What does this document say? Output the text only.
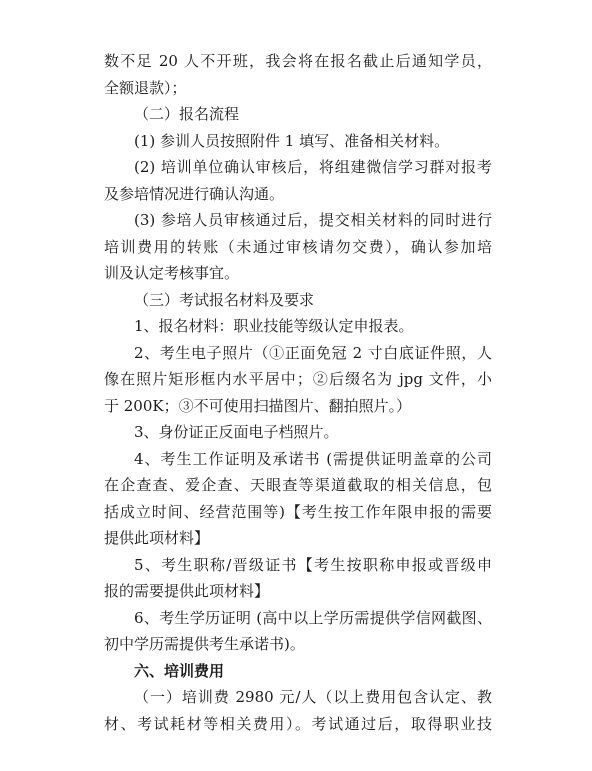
数不足 20 人不开班，我会将在报名截止后通知学员，
全额退款）；
（二）报名流程
(1) 参训人员按照附件 1 填写、准备相关材料。
(2) 培训单位确认审核后，将组建微信学习群对报考
及参培情况进行确认沟通。
(3) 参培人员审核通过后，提交相关材料的同时进行
培训费用的转账（未通过审核请勿交费），确认参加培
训及认定考核事宜。
（三）考试报名材料及要求
1、报名材料：职业技能等级认定申报表。
2、考生电子照片（①正面免冠 2 寸白底证件照，人
像在照片矩形框内水平居中；②后缀名为 jpg 文件，小
于 200K；③不可使用扫描图片、翻拍照片。）
3、身份证正反面电子档照片。
4、考生工作证明及承诺书 (需提供证明盖章的公司
在企查查、爱企查、天眼查等渠道截取的相关信息，包
括成立时间、经营范围等)【考生按工作年限申报的需要
提供此项材料】
5、考生职称/晋级证书【考生按职称申报或晋级申
报的需要提供此项材料】
6、考生学历证明 (高中以上学历需提供学信网截图、
初中学历需提供考生承诺书)。
六、培训费用
（一）培训费 2980 元/人（以上费用包含认定、教
材、考试耗材等相关费用）。考试通过后，取得职业技
